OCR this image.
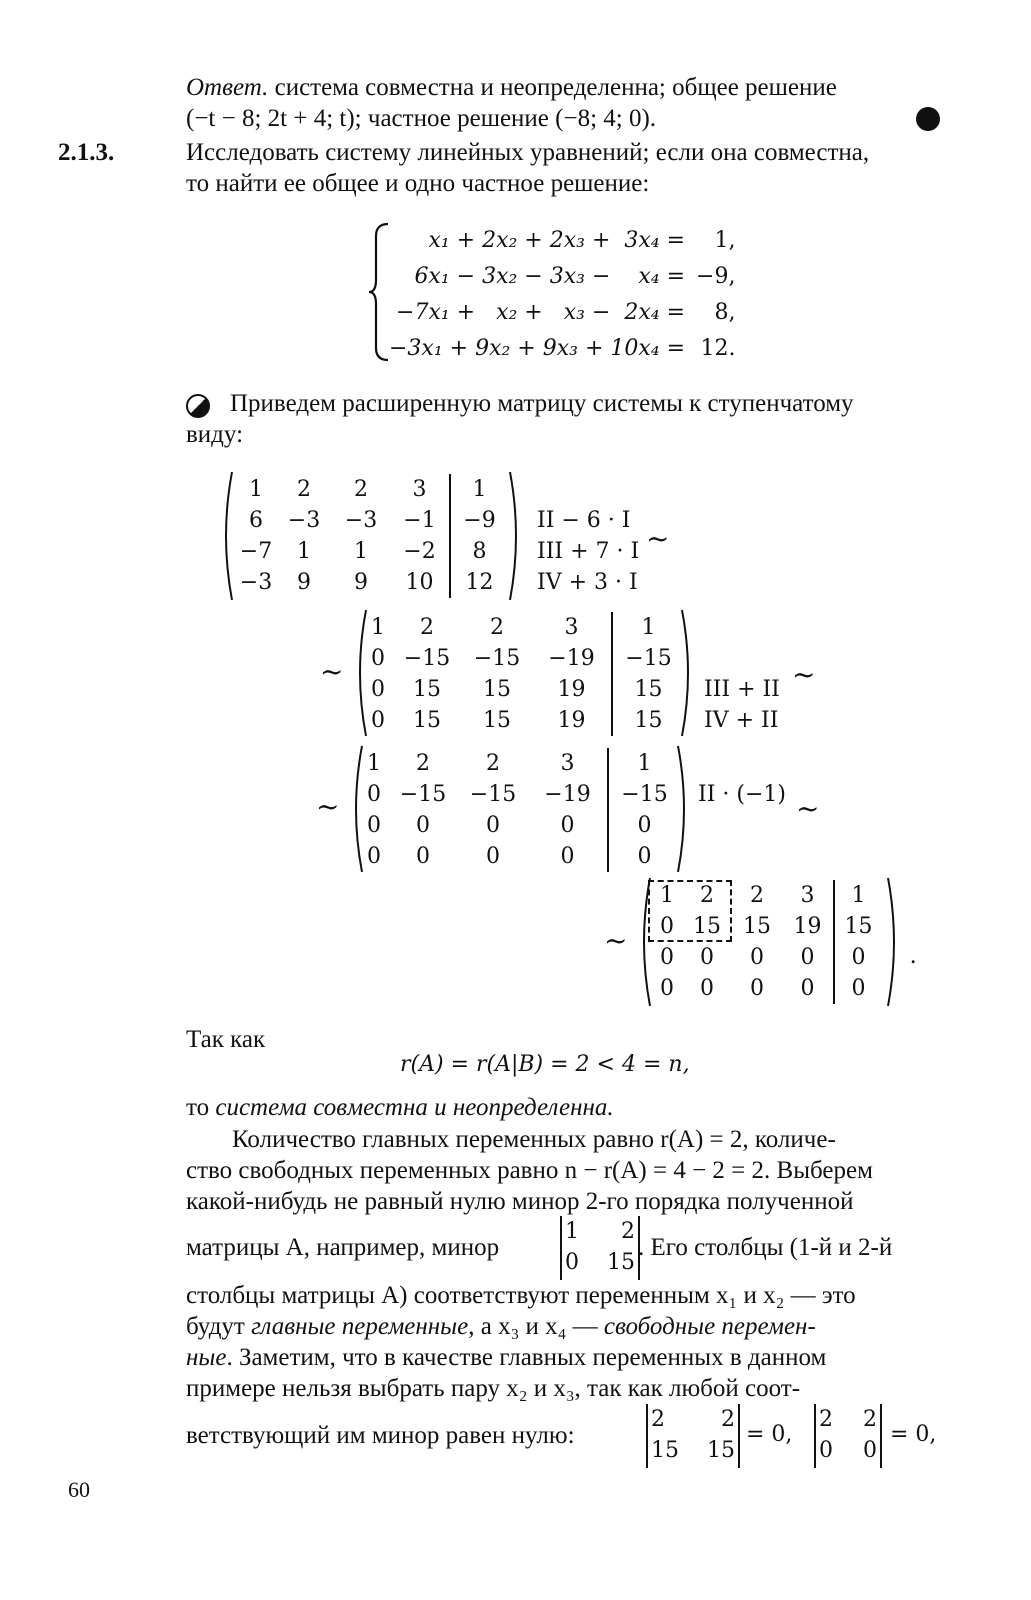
Ответ. система совместна и неопределенна; общее решение
(−t − 8; 2t + 4; t); частное решение (−8; 4; 0).
2.1.3.	Исследовать систему линейных уравнений; если она совместна,
то найти ее общее и одно частное решение:
x₁ + 2x₂ + 2x₃ +  3x₄ =	1,
6x₁ − 3x₂ − 3x₃ −    x₄ =	−9,
−7x₁ +   x₂ +   x₃ −  2x₄ =	8,
−3x₁ + 9x₂ + 9x₃ + 10x₄ =	12.
Приведем расширенную матрицу системы к ступенчатому
виду:
1	2	2	3	1
6	−3	−3	−1	−9
−7	1	1	−2	8
−3	9	9	10	12
II − 6 · I
III + 7 · I
IV + 3 · I
~
~
1	2	2	3	1
0	−15	−15	−19	−15
0	15	15	19	15
0	15	15	19	15
III + II
IV + II
~
~
1	2	2	3	1
0	−15	−15	−19	−15
0	0	0	0	0
0	0	0	0	0
II · (−1) ~
~
1	2	2	3	1
0	15	15	19	15
0	0	0	0	0
0	0	0	0	0
.
Так как
r(A) = r(A|B) = 2 < 4 = n,
то система совместна и неопределенна.
Количество главных переменных равно r(A) = 2, количе-
ство свободных переменных равно n − r(A) = 4 − 2 = 2. Выберем
какой-нибудь не равный нулю минор 2-го порядка полученной
матрицы A, например, минор
1	2
0	15
. Его столбцы (1-й и 2-й
столбцы матрицы A) соответствуют переменным x₁ и x₂ — это
будут главные переменные, а x₃ и x₄ — свободные перемен-
ные. Заметим, что в качестве главных переменных в данном
примере нельзя выбрать пару x₂ и x₃, так как любой соот-
ветствующий им минор равен нулю:
2	2
15	15
= 0,
2	2
0	0
= 0,
60
